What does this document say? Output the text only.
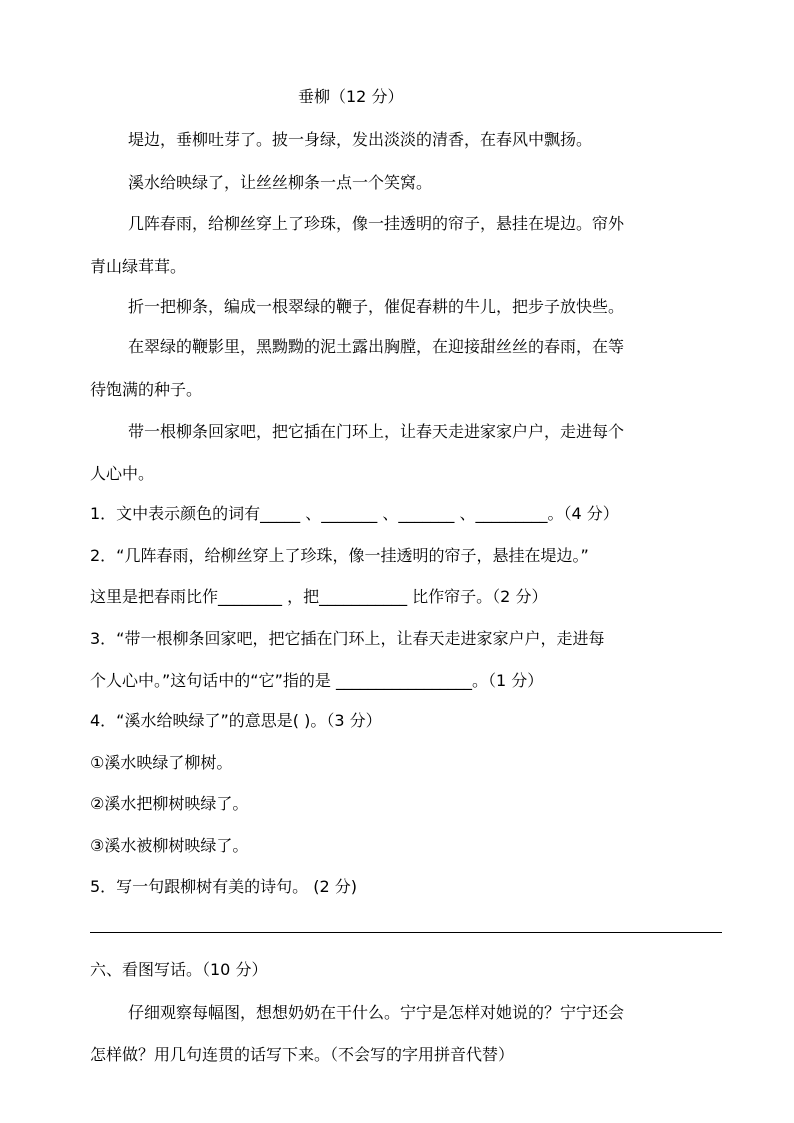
垂柳（12 分）
堤边，垂柳吐芽了。披一身绿，发出淡淡的清香，在春风中飘扬。
溪水给映绿了，让丝丝柳条一点一个笑窝。
几阵春雨，给柳丝穿上了珍珠，像一挂透明的帘子，悬挂在堤边。帘外
青山绿茸茸。
折一把柳条，编成一根翠绿的鞭子，催促春耕的牛儿，把步子放快些。
在翠绿的鞭影里，黑黝黝的泥土露出胸膛，在迎接甜丝丝的春雨，在等
待饱满的种子。
带一根柳条回家吧，把它插在门环上，让春天走进家家户户，走进每个
人心中。
1．文中表示颜色的词有_____ 、_______ 、_______ 、_________。（4 分）
2．“几阵春雨，给柳丝穿上了珍珠，像一挂透明的帘子，悬挂在堤边。”
这里是把春雨比作________ ，把___________ 比作帘子。（2 分）
3．“带一根柳条回家吧，把它插在门环上，让春天走进家家户户，走进每
个人心中。”这句话中的“它”指的是 _________________。（1 分）
4．“溪水给映绿了”的意思是( )。（3 分）
①溪水映绿了柳树。
②溪水把柳树映绿了。
③溪水被柳树映绿了。
5．写一句跟柳树有美的诗句。 (2 分)
六、看图写话。（10 分）
仔细观察每幅图，想想奶奶在干什么。宁宁是怎样对她说的？宁宁还会
怎样做？用几句连贯的话写下来。（不会写的字用拼音代替）
